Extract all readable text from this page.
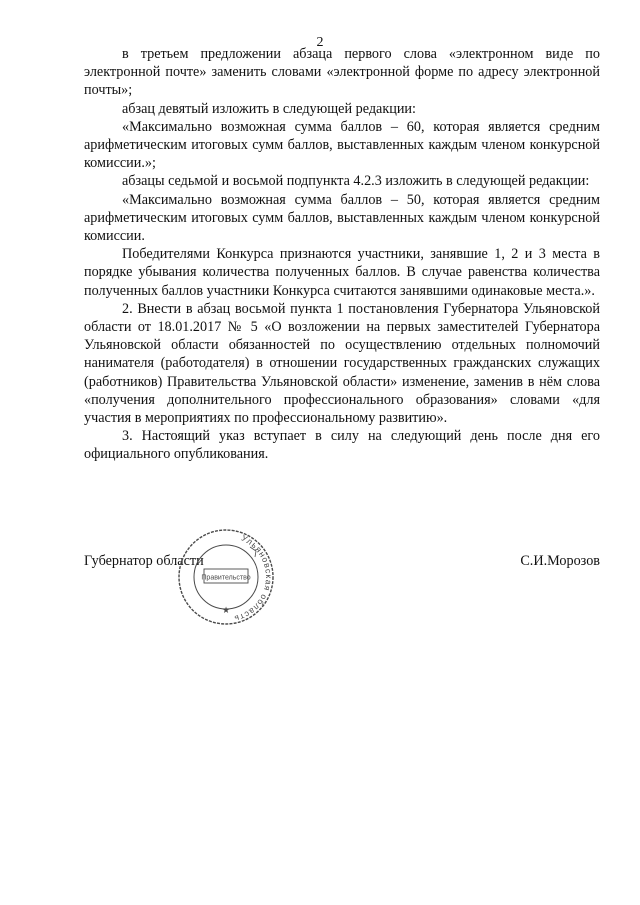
2

в третьем предложении абзаца первого слова «электронном виде по электронной почте» заменить словами «электронной форме по адресу электронной почты»;

абзац девятый изложить в следующей редакции:

«Максимально возможная сумма баллов – 60, которая является средним арифметическим итоговых сумм баллов, выставленных каждым членом конкурсной комиссии.»;

абзацы седьмой и восьмой подпункта 4.2.3 изложить в следующей редакции:

«Максимально возможная сумма баллов – 50, которая является средним арифметическим итоговых сумм баллов, выставленных каждым членом конкурсной комиссии.

Победителями Конкурса признаются участники, занявшие 1, 2 и 3 места в порядке убывания количества полученных баллов. В случае равенства количества полученных баллов участники Конкурса считаются занявшими одинаковые места.».

2. Внести в абзац восьмой пункта 1 постановления Губернатора Ульяновской области от 18.01.2017 № 5 «О возложении на первых заместителей Губернатора Ульяновской области обязанностей по осуществлению отдельных полномочий нанимателя (работодателя) в отношении государственных гражданских служащих (работников) Правительства Ульяновской области» изменение, заменив в нём слова «получения дополнительного профессионального образования» словами «для участия в мероприятиях по профессиональному развитию».

3. Настоящий указ вступает в силу на следующий день после дня его официального опубликования.

Губернатор области	С.И.Морозов
Ульяновская область
Правительство
★
